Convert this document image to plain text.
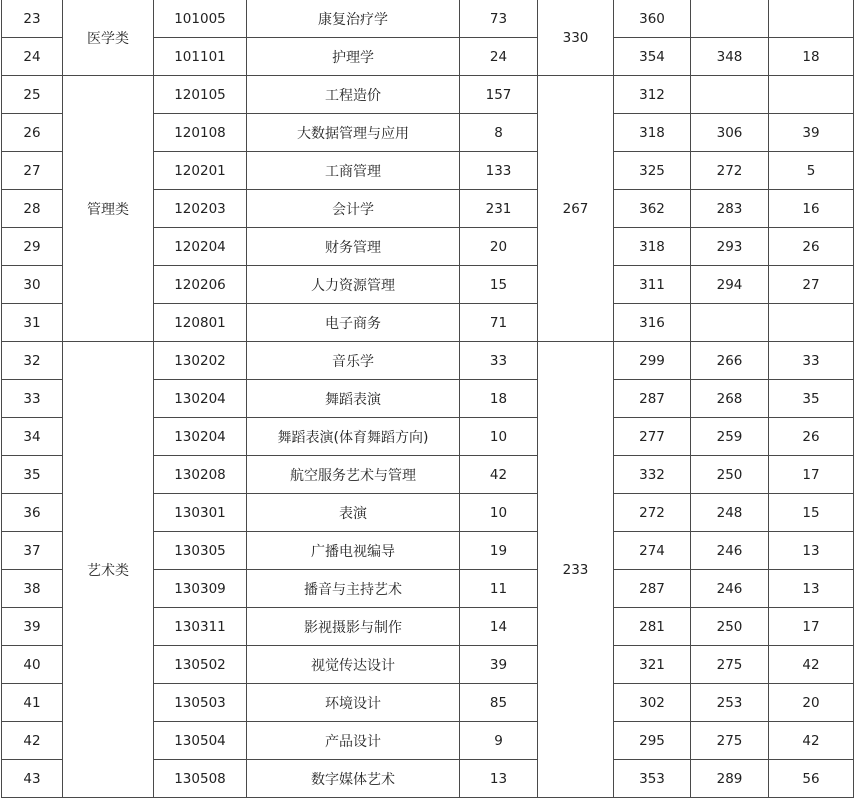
23	医学类	101005	康复治疗学	73	330	360		
24		101101	护理学	24		354	348	18
25	管理类	120105	工程造价	157	267	312		
26		120108	大数据管理与应用	8		318	306	39
27		120201	工商管理	133		325	272	5
28		120203	会计学	231		362	283	16
29		120204	财务管理	20		318	293	26
30		120206	人力资源管理	15		311	294	27
31		120801	电子商务	71		316		
32	艺术类	130202	音乐学	33	233	299	266	33
33		130204	舞蹈表演	18		287	268	35
34		130204	舞蹈表演(体育舞蹈方向)	10		277	259	26
35		130208	航空服务艺术与管理	42		332	250	17
36		130301	表演	10		272	248	15
37		130305	广播电视编导	19		274	246	13
38		130309	播音与主持艺术	11		287	246	13
39		130311	影视摄影与制作	14		281	250	17
40		130502	视觉传达设计	39		321	275	42
41		130503	环境设计	85		302	253	20
42		130504	产品设计	9		295	275	42
43		130508	数字媒体艺术	13		353	289	56
